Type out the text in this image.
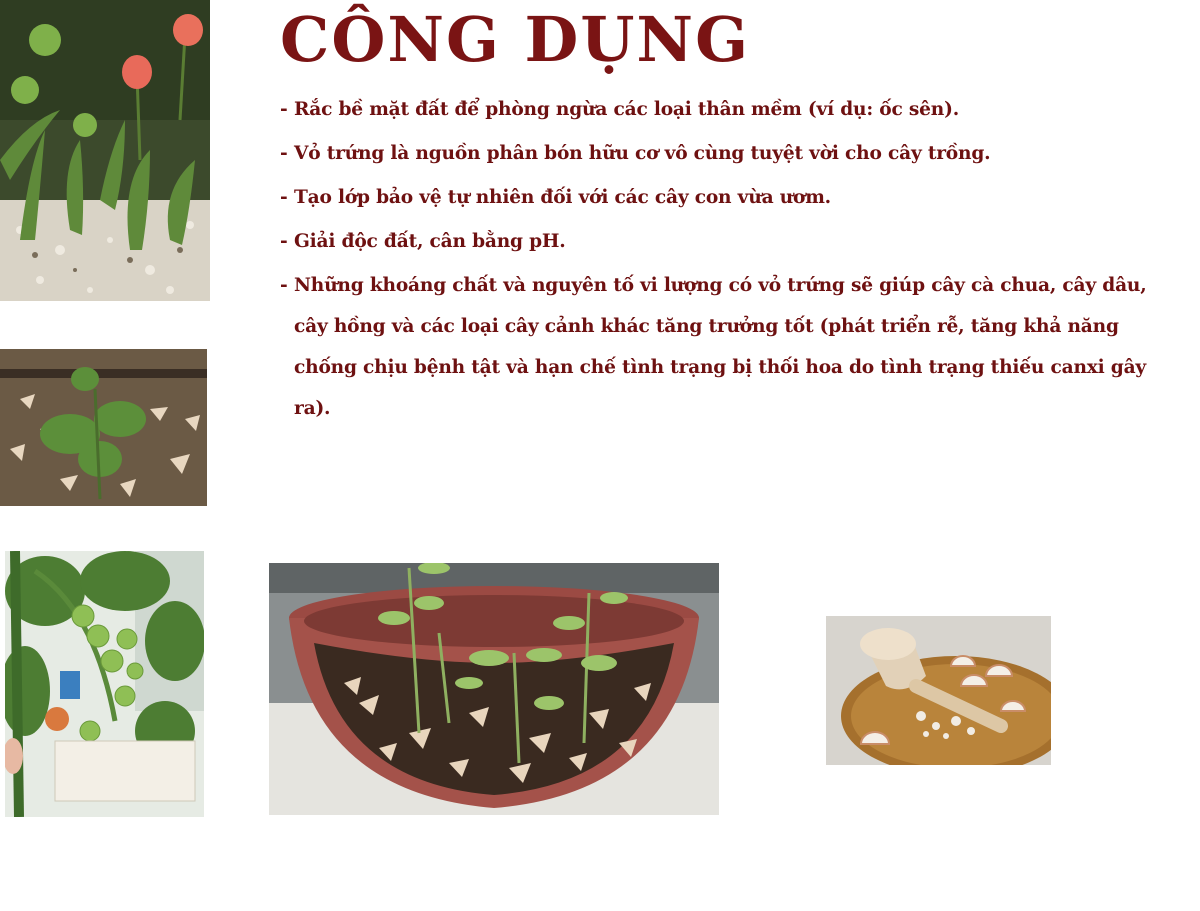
CÔNG DỤNG
- Rắc bề mặt đất để phòng ngừa các loại thân mềm (ví dụ: ốc sên).
- Vỏ trứng là nguồn phân bón hữu cơ vô cùng tuyệt vời cho cây trồng.
- Tạo lớp bảo vệ tự nhiên đối với các cây con vừa ươm.
- Giải độc đất, cân bằng pH.
- Những khoáng chất và nguyên tố vi lượng có vỏ trứng sẽ giúp cây cà chua, cây dâu, cây hồng và các loại cây cảnh khác tăng trưởng tốt (phát triển rễ, tăng khả năng chống chịu bệnh tật và hạn chế tình trạng bị thối hoa do tình trạng thiếu canxi gây ra).
